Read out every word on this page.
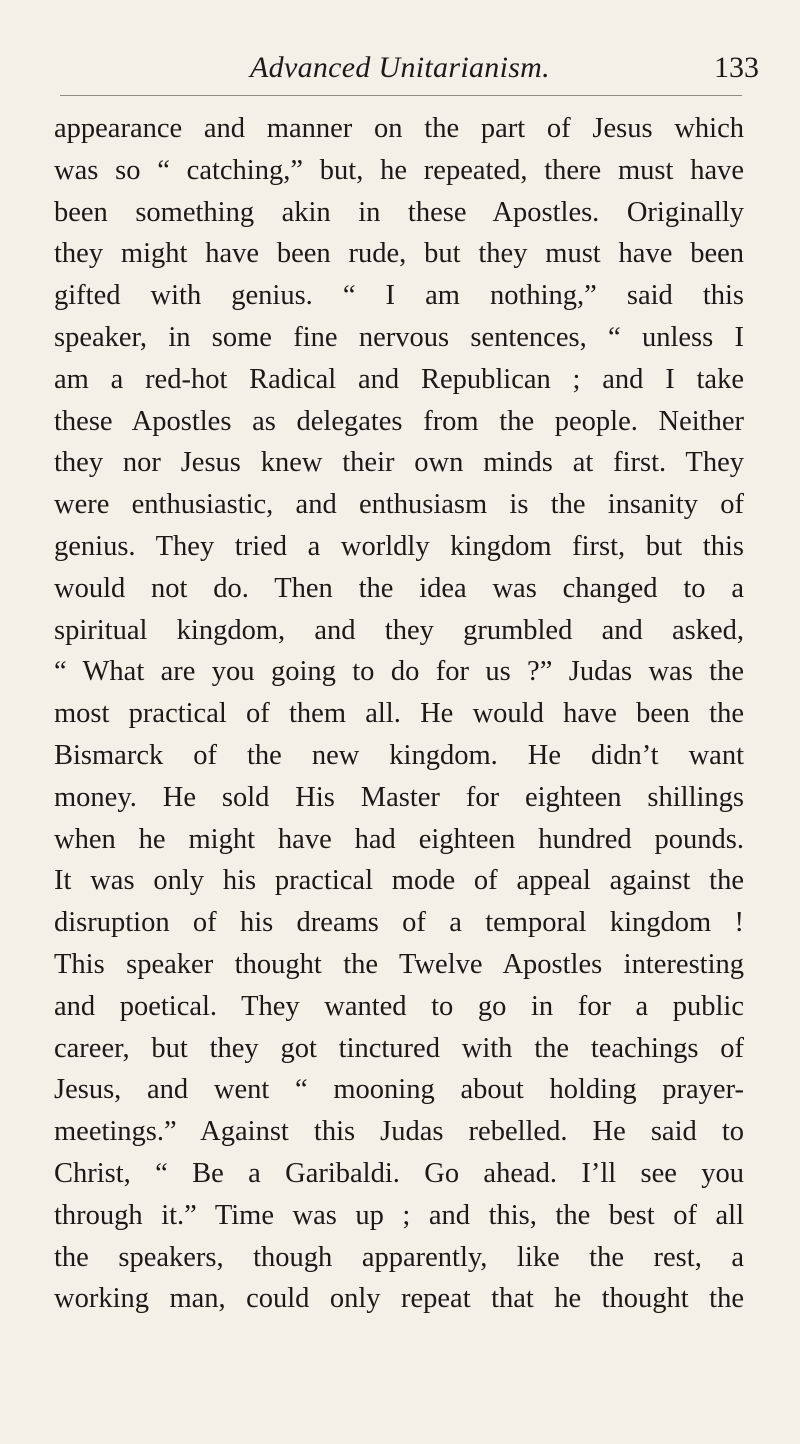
Advanced Unitarianism.	133
appearance and manner on the part of Jesus which
was so “ catching,” but, he repeated, there must have
been something akin in these Apostles. Originally
they might have been rude, but they must have been
gifted with genius. “ I am nothing,” said this
speaker, in some fine nervous sentences, “ unless I
am a red-hot Radical and Republican ; and I take
these Apostles as delegates from the people. Neither
they nor Jesus knew their own minds at first. They
were enthusiastic, and enthusiasm is the insanity of
genius. They tried a worldly kingdom first, but this
would not do. Then the idea was changed to a
spiritual kingdom, and they grumbled and asked,
“ What are you going to do for us ?” Judas was the
most practical of them all. He would have been the
Bismarck of the new kingdom. He didn’t want
money. He sold His Master for eighteen shillings
when he might have had eighteen hundred pounds.
It was only his practical mode of appeal against the
disruption of his dreams of a temporal kingdom !
This speaker thought the Twelve Apostles interesting
and poetical. They wanted to go in for a public
career, but they got tinctured with the teachings of
Jesus, and went “ mooning about holding prayer-
meetings.” Against this Judas rebelled. He said to
Christ, “ Be a Garibaldi. Go ahead. I’ll see you
through it.” Time was up ; and this, the best of all
the speakers, though apparently, like the rest, a
working man, could only repeat that he thought the
